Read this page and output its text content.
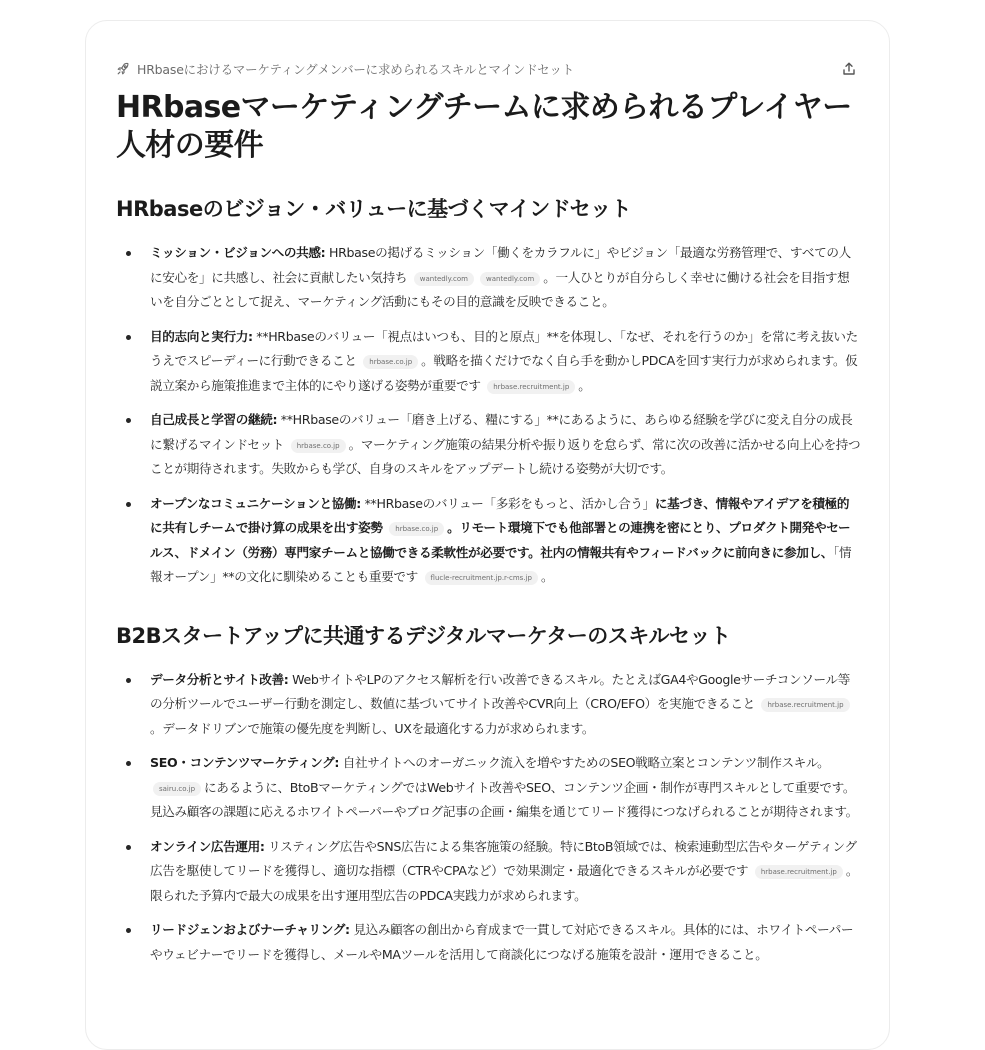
HRbaseにおけるマーケティングメンバーに求められるスキルとマインドセット
HRbaseマーケティングチームに求められるプレイヤー人材の要件
HRbaseのビジョン・バリューに基づくマインドセット
ミッション・ビジョンへの共感: HRbaseの掲げるミッション「働くをカラフルに」やビジョン「最適な労務管理で、すべての人に安心を」に共感し、社会に貢献したい気持ち wantedly.com	wantedly.com 。一人ひとりが自分らしく幸せに働ける社会を目指す想いを自分ごととして捉え、マーケティング活動にもその目的意識を反映できること。
目的志向と実行力: **HRbaseのバリュー「視点はいつも、目的と原点」**を体現し、「なぜ、それを行うのか」を常に考え抜いたうえでスピーディーに行動できること hrbase.co.jp 。戦略を描くだけでなく自ら手を動かしPDCAを回す実行力が求められます。仮説立案から施策推進まで主体的にやり遂げる姿勢が重要です hrbase.recruitment.jp 。
自己成長と学習の継続: **HRbaseのバリュー「磨き上げる、糧にする」**にあるように、あらゆる経験を学びに変え自分の成長に繋げるマインドセット hrbase.co.jp 。マーケティング施策の結果分析や振り返りを怠らず、常に次の改善に活かせる向上心を持つことが期待されます。失敗からも学び、自身のスキルをアップデートし続ける姿勢が大切です。
オープンなコミュニケーションと協働: **HRbaseのバリュー「多彩をもっと、活かし合う」に基づき、情報やアイデアを積極的に共有しチームで掛け算の成果を出す姿勢 hrbase.co.jp 。リモート環境下でも他部署との連携を密にとり、プロダクト開発やセールス、ドメイン（労務）専門家チームと協働できる柔軟性が必要です。社内の情報共有やフィードバックに前向きに参加し、「情報オープン」**の文化に馴染めることも重要です flucle-recruitment.jp.r-cms.jp 。
B2Bスタートアップに共通するデジタルマーケターのスキルセット
データ分析とサイト改善: WebサイトやLPのアクセス解析を行い改善できるスキル。たとえばGA4やGoogleサーチコンソール等の分析ツールでユーザー行動を測定し、数値に基づいてサイト改善やCVR向上（CRO/EFO）を実施できること hrbase.recruitment.jp。データドリブンで施策の優先度を判断し、UXを最適化する力が求められます。
SEO・コンテンツマーケティング: 自社サイトへのオーガニック流入を増やすためのSEO戦略立案とコンテンツ制作スキル。 sairu.co.jp にあるように、BtoBマーケティングではWebサイト改善やSEO、コンテンツ企画・制作が専門スキルとして重要です。見込み顧客の課題に応えるホワイトペーパーやブログ記事の企画・編集を通じてリード獲得につなげられることが期待されます。
オンライン広告運用: リスティング広告やSNS広告による集客施策の経験。特にBtoB領域では、検索連動型広告やターゲティング広告を駆使してリードを獲得し、適切な指標（CTRやCPAなど）で効果測定・最適化できるスキルが必要です hrbase.recruitment.jp 。限られた予算内で最大の成果を出す運用型広告のPDCA実践力が求められます。
リードジェンおよびナーチャリング: 見込み顧客の創出から育成まで一貫して対応できるスキル。具体的には、ホワイトペーパーやウェビナーでリードを獲得し、メールやMAツールを活用して商談化につなげる施策を設計・運用できること。
